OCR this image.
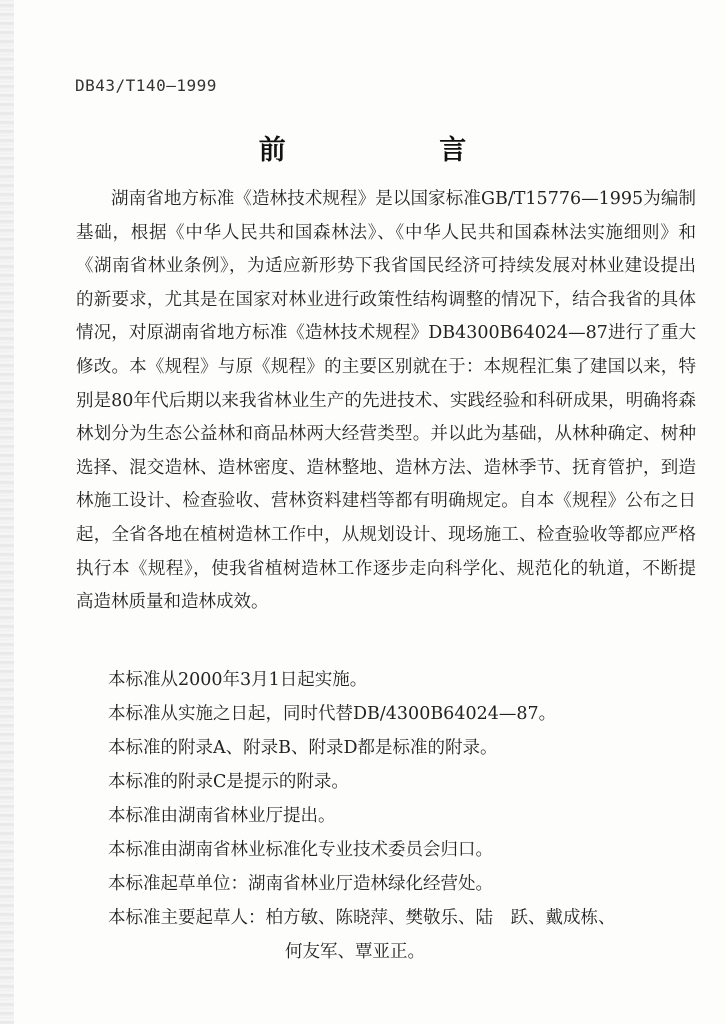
DB43/T140—1999
前 言

湖南省地方标准《造林技术规程》是以国家标准GB/T15776—1995为编制基础，根据《中华人民共和国森林法》、《中华人民共和国森林法实施细则》和《湖南省林业条例》，为适应新形势下我省国民经济可持续发展对林业建设提出的新要求，尤其是在国家对林业进行政策性结构调整的情况下，结合我省的具体情况，对原湖南省地方标准《造林技术规程》DB4300B64024—87进行了重大修改。本《规程》与原《规程》的主要区别就在于：本规程汇集了建国以来，特别是80年代后期以来我省林业生产的先进技术、实践经验和科研成果，明确将森林划分为生态公益林和商品林两大经营类型。并以此为基础，从林种确定、树种选择、混交造林、造林密度、造林整地、造林方法、造林季节、抚育管护，到造林施工设计、检查验收、营林资料建档等都有明确规定。自本《规程》公布之日起，全省各地在植树造林工作中，从规划设计、现场施工、检查验收等都应严格执行本《规程》，使我省植树造林工作逐步走向科学化、规范化的轨道，不断提高造林质量和造林成效。

本标准从2000年3月1日起实施。
本标准从实施之日起，同时代替DB/4300B64024—87。
本标准的附录A、附录B、附录D都是标准的附录。
本标准的附录C是提示的附录。
本标准由湖南省林业厅提出。
本标准由湖南省林业标准化专业技术委员会归口。
本标准起草单位：湖南省林业厅造林绿化经营处。
本标准主要起草人：柏方敏、陈晓萍、樊敬乐、陆　跃、戴成栋、
何友军、覃亚正。
